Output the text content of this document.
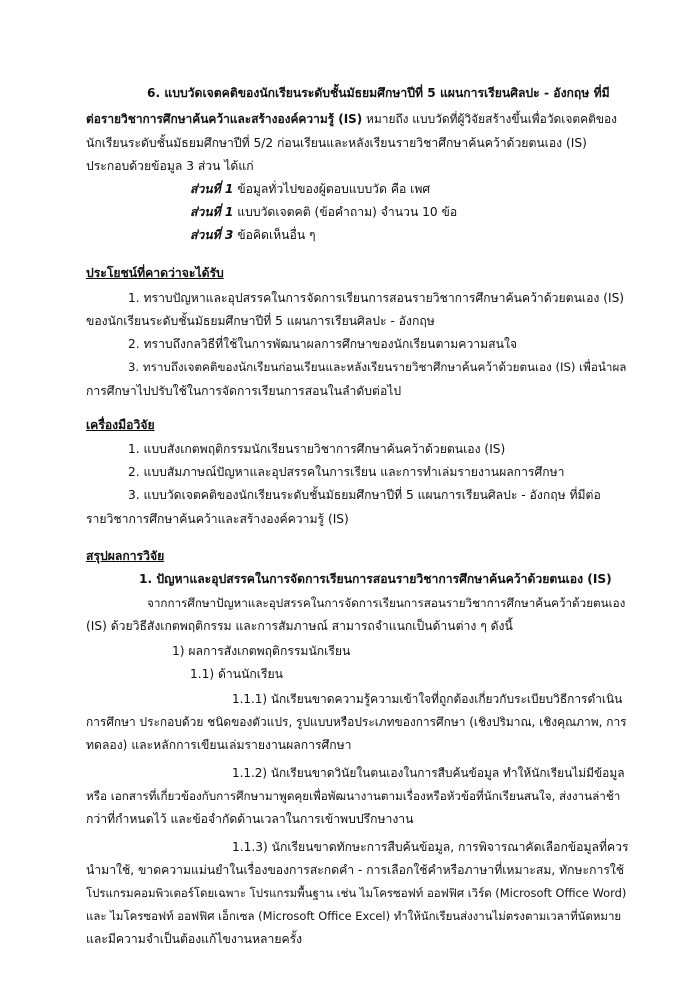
6. แบบวัดเจตคติของนักเรียนระดับชั้นมัธยมศึกษาปีที่ 5 แผนการเรียนศิลปะ - อังกฤษ ที่มี
ต่อรายวิชาการศึกษาค้นคว้าและสร้างองค์ความรู้ (IS) หมายถึง แบบวัดที่ผู้วิจัยสร้างขึ้นเพื่อวัดเจตคติของ
นักเรียนระดับชั้นมัธยมศึกษาปีที่ 5/2 ก่อนเรียนและหลังเรียนรายวิชาศึกษาค้นคว้าด้วยตนเอง (IS)
ประกอบด้วยข้อมูล 3 ส่วน ได้แก่
ส่วนที่ 1 ข้อมูลทั่วไปของผู้ตอบแบบวัด คือ เพศ
ส่วนที่ 1 แบบวัดเจตคติ (ข้อคำถาม) จำนวน 10 ข้อ
ส่วนที่ 3 ข้อคิดเห็นอื่น ๆ
ประโยชน์ที่คาดว่าจะได้รับ
1. ทราบปัญหาและอุปสรรคในการจัดการเรียนการสอนรายวิชาการศึกษาค้นคว้าด้วยตนเอง (IS)
ของนักเรียนระดับชั้นมัธยมศึกษาปีที่ 5 แผนการเรียนศิลปะ - อังกฤษ
2. ทราบถึงกลวิธีที่ใช้ในการพัฒนาผลการศึกษาของนักเรียนตามความสนใจ
3. ทราบถึงเจตคติของนักเรียนก่อนเรียนและหลังเรียนรายวิชาศึกษาค้นคว้าด้วยตนเอง (IS) เพื่อนำผล
การศึกษาไปปรับใช้ในการจัดการเรียนการสอนในลำดับต่อไป
เครื่องมือวิจัย
1. แบบสังเกตพฤติกรรมนักเรียนรายวิชาการศึกษาค้นคว้าด้วยตนเอง (IS)
2. แบบสัมภาษณ์ปัญหาและอุปสรรคในการเรียน และการทำเล่มรายงานผลการศึกษา
3. แบบวัดเจตคติของนักเรียนระดับชั้นมัธยมศึกษาปีที่ 5 แผนการเรียนศิลปะ - อังกฤษ ที่มีต่อ
รายวิชาการศึกษาค้นคว้าและสร้างองค์ความรู้ (IS)
สรุปผลการวิจัย
1. ปัญหาและอุปสรรคในการจัดการเรียนการสอนรายวิชาการศึกษาค้นคว้าด้วยตนเอง (IS)
จากการศึกษาปัญหาและอุปสรรคในการจัดการเรียนการสอนรายวิชาการศึกษาค้นคว้าด้วยตนเอง
(IS) ด้วยวิธีสังเกตพฤติกรรม และการสัมภาษณ์ สามารถจำแนกเป็นด้านต่าง ๆ ดังนี้
1) ผลการสังเกตพฤติกรรมนักเรียน
1.1) ด้านนักเรียน
1.1.1) นักเรียนขาดความรู้ความเข้าใจที่ถูกต้องเกี่ยวกับระเบียบวิธีการดำเนิน
การศึกษา ประกอบด้วย ชนิดของตัวแปร, รูปแบบหรือประเภทของการศึกษา (เชิงปริมาณ, เชิงคุณภาพ, การ
ทดลอง) และหลักการเขียนเล่มรายงานผลการศึกษา
1.1.2) นักเรียนขาดวินัยในตนเองในการสืบค้นข้อมูล ทำให้นักเรียนไม่มีข้อมูล
หรือ เอกสารที่เกี่ยวข้องกับการศึกษามาพูดคุยเพื่อพัฒนางานตามเรื่องหรือหัวข้อที่นักเรียนสนใจ, ส่งงานล่าช้า
กว่าที่กำหนดไว้ และข้อจำกัดด้านเวลาในการเข้าพบปรึกษางาน
1.1.3) นักเรียนขาดทักษะการสืบค้นข้อมูล, การพิจารณาคัดเลือกข้อมูลที่ควร
นำมาใช้, ขาดความแม่นยำในเรื่องของการสะกดคำ - การเลือกใช้คำหรือภาษาที่เหมาะสม, ทักษะการใช้
โปรแกรมคอมพิวเตอร์โดยเฉพาะ โปรแกรมพื้นฐาน เช่น ไมโครซอฟท์ ออฟฟิศ เวิร์ด (Microsoft Office Word)
และ ไมโครซอฟท์ ออฟฟิศ เอ็กเซล (Microsoft Office Excel) ทำให้นักเรียนส่งงานไม่ตรงตามเวลาที่นัดหมาย
และมีความจำเป็นต้องแก้ไขงานหลายครั้ง
